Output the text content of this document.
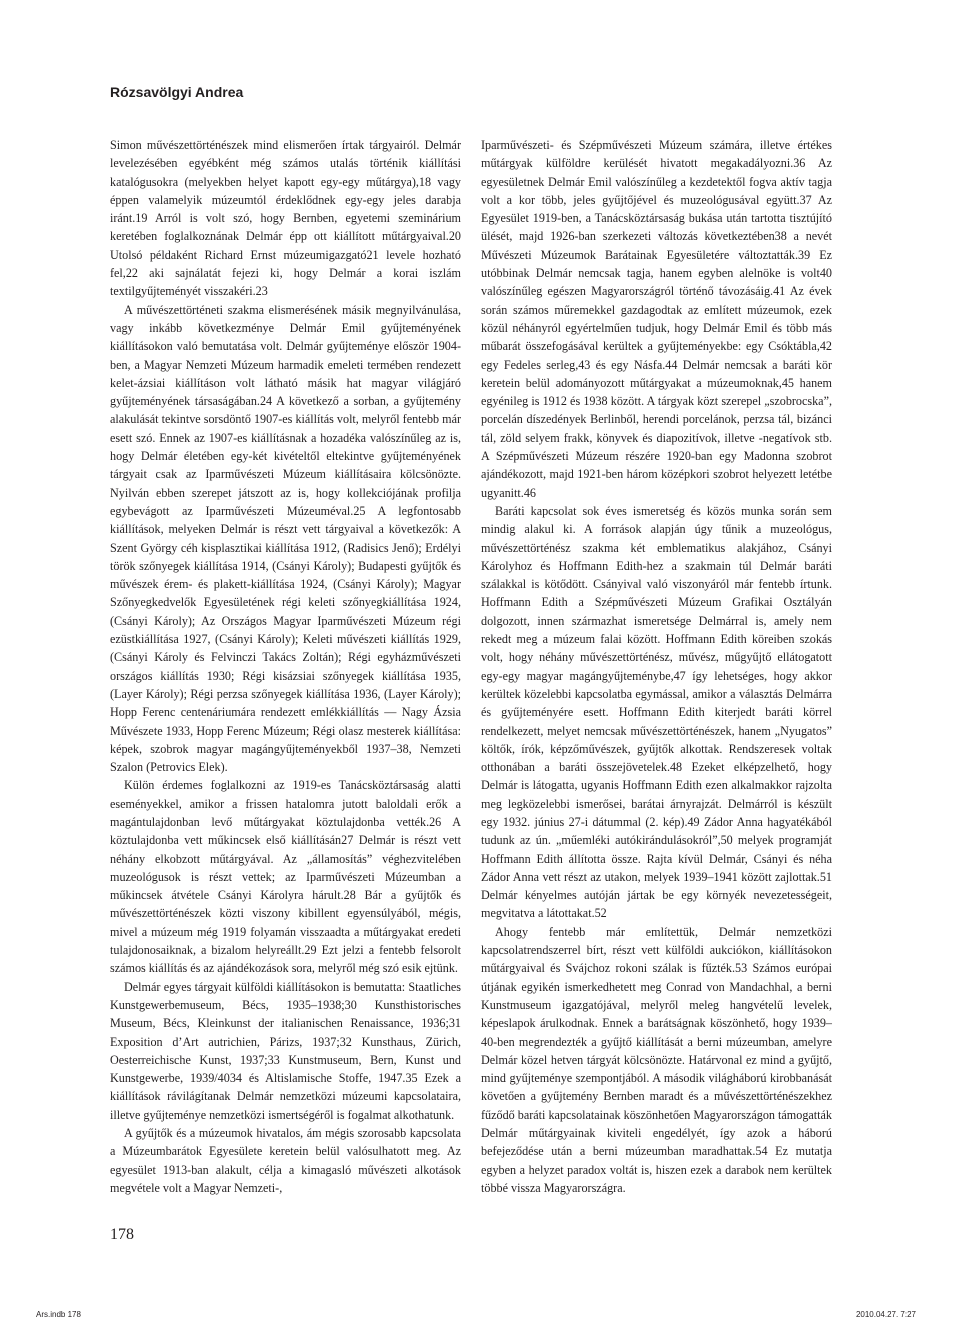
Rózsavölgyi Andrea

Simon művészettörténészek mind elismerően írtak tárgyairól. Delmár levelezésében egyébként még számos utalás történik kiállítási katalógusokra (melyekben helyet kapott egy-egy műtárgya),18 vagy éppen valamelyik múzeumtól érdeklődnek egy-egy jeles darabja iránt.19 Arról is volt szó, hogy Bernben, egyetemi szeminárium keretében foglalkoznának Delmár épp ott kiállított műtárgyaival.20 Utolsó példaként Richard Ernst múzeumigazgató21 levele hozható fel,22 aki sajnálatát fejezi ki, hogy Delmár a korai iszlám textilgyűjteményét visszakéri.23

A művészettörténeti szakma elismerésének másik megnyilvánulása, vagy inkább következménye Delmár Emil gyűjteményének kiállításokon való bemutatása volt. Delmár gyűjteménye először 1904-ben, a Magyar Nemzeti Múzeum harmadik emeleti termében rendezett kelet-ázsiai kiállításon volt látható másik hat magyar világjáró gyűjteményének társaságában.24 A következő a sorban, a gyűjtemény alakulását tekintve sorsdöntő 1907-es kiállítás volt, melyről fentebb már esett szó. Ennek az 1907-es kiállításnak a hozadéka valószínűleg az is, hogy Delmár életében egy-két kivételtől eltekintve gyűjteményének tárgyait csak az Iparművészeti Múzeum kiállításaira kölcsönözte. Nyilván ebben szerepet játszott az is, hogy kollekciójának profilja egybevágott az Iparművészeti Múzeuméval.25 A legfontosabb kiállítások, melyeken Delmár is részt vett tárgyaival a következők: A Szent György céh kisplasztikai kiállítása 1912, (Radisics Jenő); Erdélyi török szőnyegek kiállítása 1914, (Csányi Károly); Budapesti gyűjtők és művészek érem- és plakett-kiállítása 1924, (Csányi Károly); Magyar Szőnyegkedvelők Egyesületének régi keleti szőnyegkiállítása 1924, (Csányi Károly); Az Országos Magyar Iparművészeti Múzeum régi ezüstkiállítása 1927, (Csányi Károly); Keleti művészeti kiállítás 1929, (Csányi Károly és Felvinczi Takács Zoltán); Régi egyházművészeti országos kiállítás 1930; Régi kisázsiai szőnyegek kiállítása 1935, (Layer Károly); Régi perzsa szőnyegek kiállítása 1936, (Layer Károly); Hopp Ferenc centenáriumára rendezett emlékkiállítás — Nagy Ázsia Művészete 1933, Hopp Ferenc Múzeum; Régi olasz mesterek kiállítása: képek, szobrok magyar magángyűjteményekből 1937–38, Nemzeti Szalon (Petrovics Elek).

Külön érdemes foglalkozni az 1919-es Tanácsköztársaság alatti eseményekkel, amikor a frissen hatalomra jutott baloldali erők a magántulajdonban levő műtárgyakat köztulajdonba vették.26 A köztulajdonba vett műkincsek első kiállításán27 Delmár is részt vett néhány elkobzott műtárgyával. Az „államosítás” véghezvitelében muzeológusok is részt vettek; az Iparművészeti Múzeumban a műkincsek átvétele Csányi Károlyra hárult.28 Bár a gyűjtők és művészettörténészek közti viszony kibillent egyensúlyából, mégis, mivel a múzeum még 1919 folyamán visszaadta a műtárgyakat eredeti tulajdonosaiknak, a bizalom helyreállt.29 Ezt jelzi a fentebb felsorolt számos kiállítás és az ajándékozások sora, melyről még szó esik ejtünk.

Delmár egyes tárgyait külföldi kiállításokon is bemutatta: Staatliches Kunstgewerbemuseum, Bécs, 1935–1938;30 Kunsthistorisches Museum, Bécs, Kleinkunst der italianischen Renaissance, 1936;31 Exposition d’Art autrichien, Párizs, 1937;32 Kunsthaus, Zürich, Oesterreichische Kunst, 1937;33 Kunstmuseum, Bern, Kunst und Kunstgewerbe, 1939/4034 és Altislamische Stoffe, 1947.35 Ezek a kiállítások rávilágítanak Delmár nemzetközi múzeumi kapcsolataira, illetve gyűjteménye nemzetközi ismertségéről is fogalmat alkothatunk.

A gyűjtők és a múzeumok hivatalos, ám mégis szorosabb kapcsolata a Múzeumbarátok Egyesülete keretein belül valósulhatott meg. Az egyesület 1913-ban alakult, célja a kimagasló művészeti alkotások megvétele volt a Magyar Nemzeti-,

Iparművészeti- és Szépművészeti Múzeum számára, illetve értékes műtárgyak külföldre kerülését hivatott megakadályozni.36 Az egyesületnek Delmár Emil valószínűleg a kezdetektől fogva aktív tagja volt a kor több, jeles gyűjtőjével és muzeológusával együtt.37 Az Egyesület 1919-ben, a Tanácsköztársaság bukása után tartotta tisztújító ülését, majd 1926-ban szerkezeti változás következtében38 a nevét Művészeti Múzeumok Barátainak Egyesületére változtatták.39 Ez utóbbinak Delmár nemcsak tagja, hanem egyben alelnöke is volt40 valószínűleg egészen Magyarországról történő távozásáig.41 Az évek során számos műremekkel gazdagodtak az említett múzeumok, ezek közül néhányról egyértelműen tudjuk, hogy Delmár Emil és több más műbarát összefogásával kerültek a gyűjteményekbe: egy Csóktábla,42 egy Fedeles serleg,43 és egy Násfa.44 Delmár nemcsak a baráti kör keretein belül adományozott műtárgyakat a múzeumoknak,45 hanem egyénileg is 1912 és 1938 között. A tárgyak közt szerepel „szobrocska”, porcelán díszedények Berlinből, herendi porcelánok, perzsa tál, bizánci tál, zöld selyem frakk, könyvek és diapozitívok, illetve -negatívok stb. A Szépművészeti Múzeum részére 1920-ban egy Madonna szobrot ajándékozott, majd 1921-ben három középkori szobrot helyezett letétbe ugyanitt.46

Baráti kapcsolat sok éves ismeretség és közös munka során sem mindig alakul ki. A források alapján úgy tűnik a muzeológus, művészettörténész szakma két emblematikus alakjához, Csányi Károlyhoz és Hoffmann Edith-hez a szakmain túl Delmár baráti szálakkal is kötődött. Csányival való viszonyáról már fentebb írtunk. Hoffmann Edith a Szépművészeti Múzeum Grafikai Osztályán dolgozott, innen származhat ismeretsége Delmárral is, amely nem rekedt meg a múzeum falai között. Hoffmann Edith köreiben szokás volt, hogy néhány művészettörténész, művész, műgyűjtő ellátogatott egy-egy magyar magángyűjteménybe,47 így lehetséges, hogy akkor kerültek közelebbi kapcsolatba egymással, amikor a választás Delmárra és gyűjteményére esett. Hoffmann Edith kiterjedt baráti körrel rendelkezett, melyet nemcsak művészettörténészek, hanem „Nyugatos” költők, írók, képzőművészek, gyűjtők alkottak. Rendszeresek voltak otthonában a baráti összejövetelek.48 Ezeket elképzelhető, hogy Delmár is látogatta, ugyanis Hoffmann Edith ezen alkalmakkor rajzolta meg legközelebbi ismerősei, barátai árnyrajzát. Delmárról is készült egy 1932. június 27-i dátummal (2. kép).49 Zádor Anna hagyatékából tudunk az ún. „műemléki autókirándulásokról”,50 melyek programját Hoffmann Edith állította össze. Rajta kívül Delmár, Csányi és néha Zádor Anna vett részt az utakon, melyek 1939–1941 között zajlottak.51 Delmár kényelmes autóján jártak be egy környék nevezetességeit, megvitatva a látottakat.52

Ahogy fentebb már említettük, Delmár nemzetközi kapcsolatrendszerrel bírt, részt vett külföldi aukciókon, kiállításokon műtárgyaival és Svájchoz rokoni szálak is fűzték.53 Számos európai útjának egyikén ismerkedhetett meg Conrad von Mandachhal, a berni Kunstmuseum igazgatójával, melyről meleg hangvételű levelek, képeslapok árulkodnak. Ennek a barátságnak köszönhető, hogy 1939–40-ben megrendezték a gyűjtő kiállítását a berni múzeumban, amelyre Delmár közel hetven tárgyát kölcsönözte. Határvonal ez mind a gyűjtő, mind gyűjteménye szempontjából. A második világháború kirobbanását követően a gyűjtemény Bernben maradt és a művészettörténészekhez fűződő baráti kapcsolatainak köszönhetően Magyarországon támogatták Delmár műtárgyainak kiviteli engedélyét, így azok a háború befejeződése után a berni múzeumban maradhattak.54 Ez mutatja egyben a helyzet paradox voltát is, hiszen ezek a darabok nem kerültek többé vissza Magyarországra.

178
Ars.indb 178	2010.04.27. 7:27
